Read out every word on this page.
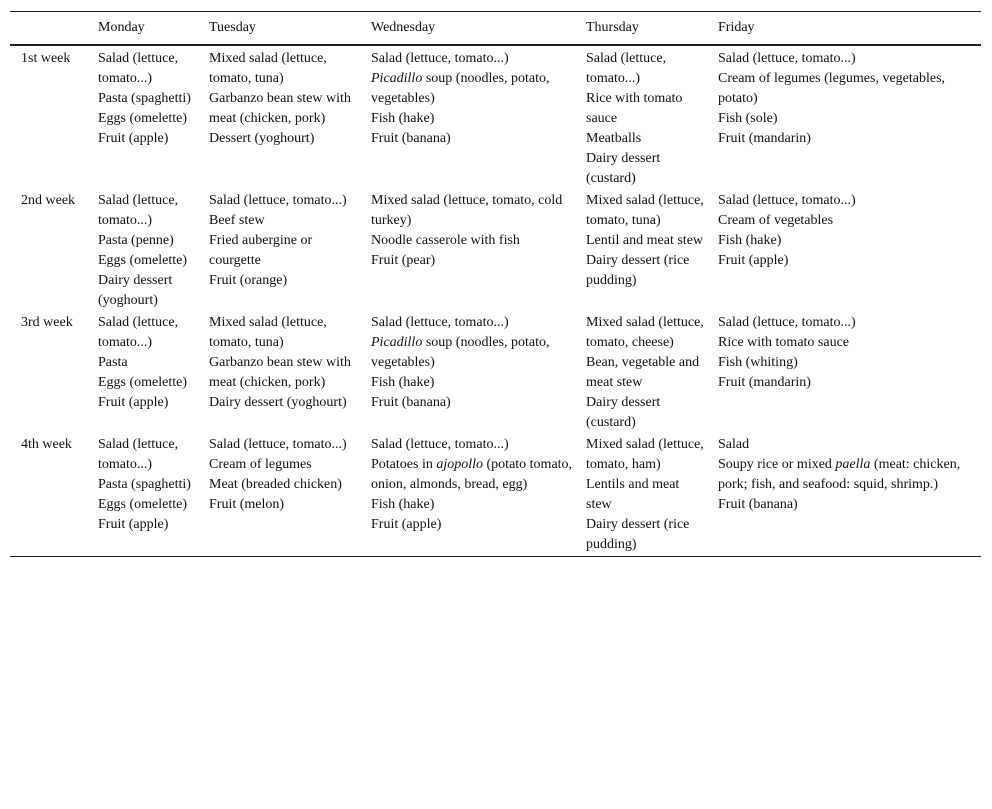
	Monday	Tuesday	Wednesday	Thursday	Friday
1st week	Salad (lettuce, tomato...)
Pasta (spaghetti)
Eggs (omelette)
Fruit (apple)	Mixed salad (lettuce, tomato, tuna)
Garbanzo bean stew with meat (chicken, pork)
Dessert (yoghourt)	Salad (lettuce, tomato...)
Picadillo soup (noodles, potato, vegetables)
Fish (hake)
Fruit (banana)	Salad (lettuce, tomato...)
Rice with tomato sauce
Meatballs
Dairy dessert (custard)	Salad (lettuce, tomato...)
Cream of legumes (legumes, vegetables, potato)
Fish (sole)
Fruit (mandarin)

2nd week	Salad (lettuce, tomato...)
Pasta (penne)
Eggs (omelette)
Dairy dessert (yoghourt)	Salad (lettuce, tomato...)
Beef stew
Fried aubergine or courgette
Fruit (orange)	Mixed salad (lettuce, tomato, cold turkey)
Noodle casserole with fish
Fruit (pear)	Mixed salad (lettuce, tomato, tuna)
Lentil and meat stew
Dairy dessert (rice pudding)	Salad (lettuce, tomato...)
Cream of vegetables
Fish (hake)
Fruit (apple)

3rd week	Salad (lettuce, tomato...)
Pasta
Eggs (omelette)
Fruit (apple)	Mixed salad (lettuce, tomato, tuna)
Garbanzo bean stew with meat (chicken, pork)
Dairy dessert (yoghourt)	Salad (lettuce, tomato...)
Picadillo soup (noodles, potato, vegetables)
Fish (hake)
Fruit (banana)	Mixed salad (lettuce, tomato, cheese)
Bean, vegetable and meat stew
Dairy dessert (custard)	Salad (lettuce, tomato...)
Rice with tomato sauce
Fish (whiting)
Fruit (mandarin)

4th week	Salad (lettuce, tomato...)
Pasta (spaghetti)
Eggs (omelette)
Fruit (apple)	Salad (lettuce, tomato...)
Cream of legumes
Meat (breaded chicken)
Fruit (melon)	Salad (lettuce, tomato...)
Potatoes in ajopollo (potato tomato, onion, almonds, bread, egg)
Fish (hake)
Fruit (apple)	Mixed salad (lettuce, tomato, ham)
Lentils and meat stew
Dairy dessert (rice pudding)	Salad
Soupy rice or mixed paella (meat: chicken, pork; fish, and seafood: squid, shrimp.)
Fruit (banana)
